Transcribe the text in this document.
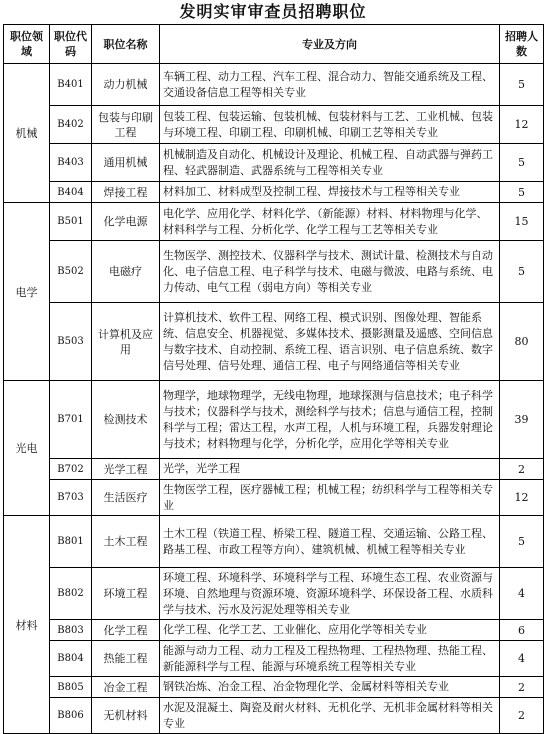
发明实审审查员招聘职位
职位领域	职位代码	职位名称	专业及方向	招聘人数
机械	B401	动力机械	车辆工程、动力工程、汽车工程、混合动力、智能交通系统及工程、交通设备信息工程等相关专业	5
	B402	包装与印刷工程	包装工程、包装运输、包装机械、包装材料与工艺、工业机械、包装与环境工程、印刷工程、印刷机械、印刷工艺等相关专业	12
	B403	通用机械	机械制造及自动化、机械设计及理论、机械工程、自动武器与弹药工程、轻武器制造、武器系统与工程等相关专业	5
	B404	焊接工程	材料加工、材料成型及控制工程、焊接技术与工程等相关专业	5
电学	B501	化学电源	电化学、应用化学、材料化学、（新能源）材料、材料物理与化学、材料科学与工程、分析化学、化学工程与工艺等相关专业	15
	B502	电磁疗	生物医学、测控技术、仪器科学与技术、测试计量、检测技术与自动化、电子信息工程、电子科学与技术、电磁与微波、电路与系统、电力传动、电气工程（弱电方向）等相关专业	5
	B503	计算机及应用	计算机技术、软件工程、网络工程、模式识别、图像处理、智能系统、信息安全、机器视觉、多媒体技术、摄影测量及遥感、空间信息与数字技术、自动控制、系统工程、语言识别、电子信息系统、数字信号处理、信号处理、通信工程、电子与网络通信等相关专业	80
光电	B701	检测技术	物理学，地球物理学，无线电物理，地球探测与信息技术；电子科学与技术；仪器科学与技术，测绘科学与技术；信息与通信工程，控制科学与工程；雷达工程，水声工程，人机与环境工程，兵器发射理论与技术；材料物理与化学，分析化学，应用化学等相关专业	39
	B702	光学工程	光学，光学工程	2
	B703	生活医疗	生物医学工程，医疗器械工程；机械工程；纺织科学与工程等相关专业	12
材料	B801	土木工程	土木工程（铁道工程、桥梁工程、隧道工程、交通运输、公路工程、路基工程、市政工程等方向）、建筑机械、机械工程等相关专业	5
	B802	环境工程	环境工程、环境科学、环境科学与工程、环境生态工程、农业资源与环境、自然地理与资源环境、资源环境科学、环保设备工程、水质科学与技术、污水及污泥处理等相关专业	4
	B803	化学工程	化学工程、化学工艺、工业催化、应用化学等相关专业	6
	B804	热能工程	能源与动力工程、动力工程及工程热物理、工程热物理、热能工程、新能源科学与工程、能源与环境系统工程等相关专业	4
	B805	冶金工程	钢铁冶炼、冶金工程、冶金物理化学、金属材料等相关专业	2
	B806	无机材料	水泥及混凝土、陶瓷及耐火材料、无机化学、无机非金属材料等相关专业	2
